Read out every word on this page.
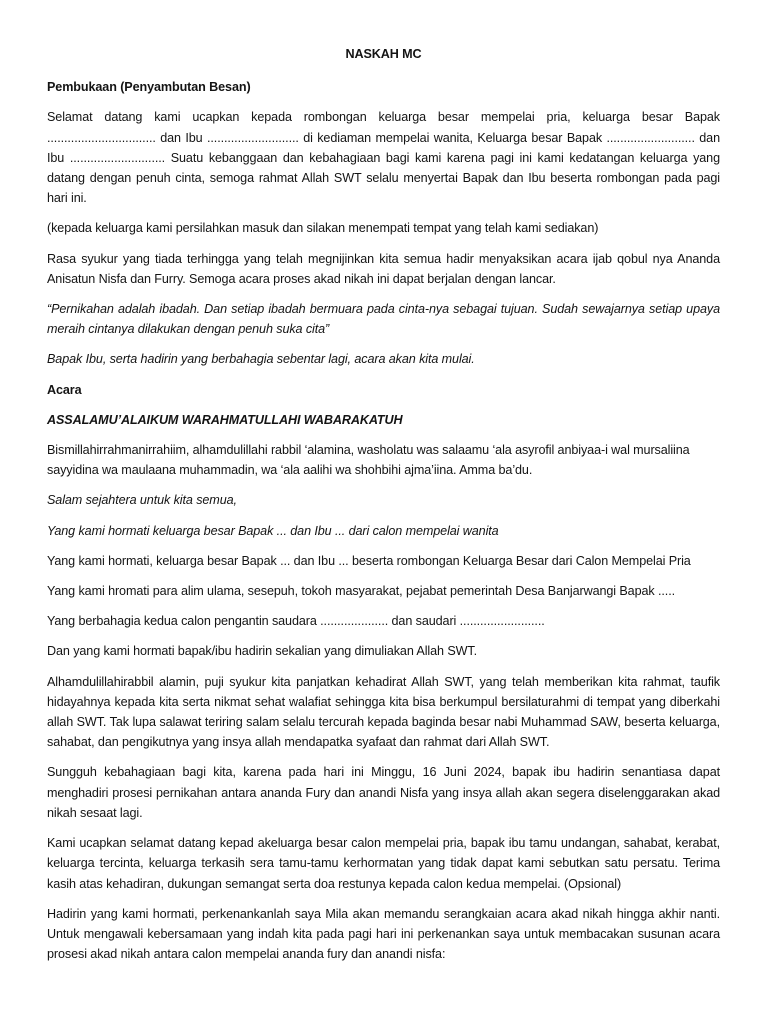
NASKAH MC

Pembukaan (Penyambutan Besan)

Selamat datang kami ucapkan kepada rombongan keluarga besar mempelai pria, keluarga besar Bapak ................................ dan Ibu ........................... di kediaman mempelai wanita, Keluarga besar Bapak .......................... dan Ibu ............................ Suatu kebanggaan dan kebahagiaan bagi kami karena pagi ini kami kedatangan keluarga yang datang dengan penuh cinta, semoga rahmat Allah SWT selalu menyertai Bapak dan Ibu beserta rombongan pada pagi hari ini.

(kepada keluarga kami persilahkan masuk dan silakan menempati tempat yang telah kami sediakan)

Rasa syukur yang tiada terhingga yang telah megnijinkan kita semua hadir menyaksikan acara ijab qobul nya Ananda Anisatun Nisfa dan Furry. Semoga acara proses akad nikah ini dapat berjalan dengan lancar.

“Pernikahan adalah ibadah. Dan setiap ibadah bermuara pada cinta-nya sebagai tujuan. Sudah sewajarnya setiap upaya meraih cintanya dilakukan dengan penuh suka cita”

Bapak Ibu, serta hadirin yang berbahagia sebentar lagi, acara akan kita mulai.

Acara

ASSALAMU’ALAIKUM WARAHMATULLAHI WABARAKATUH

Bismillahirrahmanirrahiim, alhamdulillahi rabbil ‘alamina, washolatu was salaamu ‘ala asyrofil anbiyaa-i wal mursaliina sayyidina wa maulaana muhammadin, wa ‘ala aalihi wa shohbihi ajma’iina. Amma ba’du.

Salam sejahtera untuk kita semua,

Yang kami hormati keluarga besar Bapak ... dan Ibu ... dari calon mempelai wanita

Yang kami hormati, keluarga besar Bapak ... dan Ibu ... beserta rombongan Keluarga Besar dari Calon Mempelai Pria

Yang kami hromati para alim ulama, sesepuh, tokoh masyarakat, pejabat pemerintah Desa Banjarwangi Bapak .....

Yang berbahagia kedua calon pengantin saudara .................... dan saudari .........................

Dan yang kami hormati bapak/ibu hadirin sekalian yang dimuliakan Allah SWT.

Alhamdulillahirabbil alamin, puji syukur kita panjatkan kehadirat Allah SWT, yang telah memberikan kita rahmat, taufik hidayahnya kepada kita serta nikmat sehat walafiat sehingga kita bisa berkumpul bersilaturahmi di tempat yang diberkahi allah SWT. Tak lupa salawat teriring salam selalu tercurah kepada baginda besar nabi Muhammad SAW, beserta keluarga, sahabat, dan pengikutnya yang insya allah mendapatka syafaat dan rahmat dari Allah SWT.

Sungguh kebahagiaan bagi kita, karena pada hari ini Minggu, 16 Juni 2024, bapak ibu hadirin senantiasa dapat menghadiri prosesi pernikahan antara ananda Fury dan anandi Nisfa yang insya allah akan segera diselenggarakan akad nikah sesaat lagi.

Kami ucapkan selamat datang kepad akeluarga besar calon mempelai pria, bapak ibu tamu undangan, sahabat, kerabat, keluarga tercinta, keluarga terkasih sera tamu-tamu kerhormatan yang tidak dapat kami sebutkan satu persatu. Terima kasih atas kehadiran, dukungan semangat serta doa restunya kepada calon kedua mempelai. (Opsional)

Hadirin yang kami hormati, perkenankanlah saya Mila akan memandu serangkaian acara akad nikah hingga akhir nanti. Untuk mengawali kebersamaan yang indah kita pada pagi hari ini perkenankan saya untuk membacakan susunan acara prosesi akad nikah antara calon mempelai ananda fury dan anandi nisfa:
